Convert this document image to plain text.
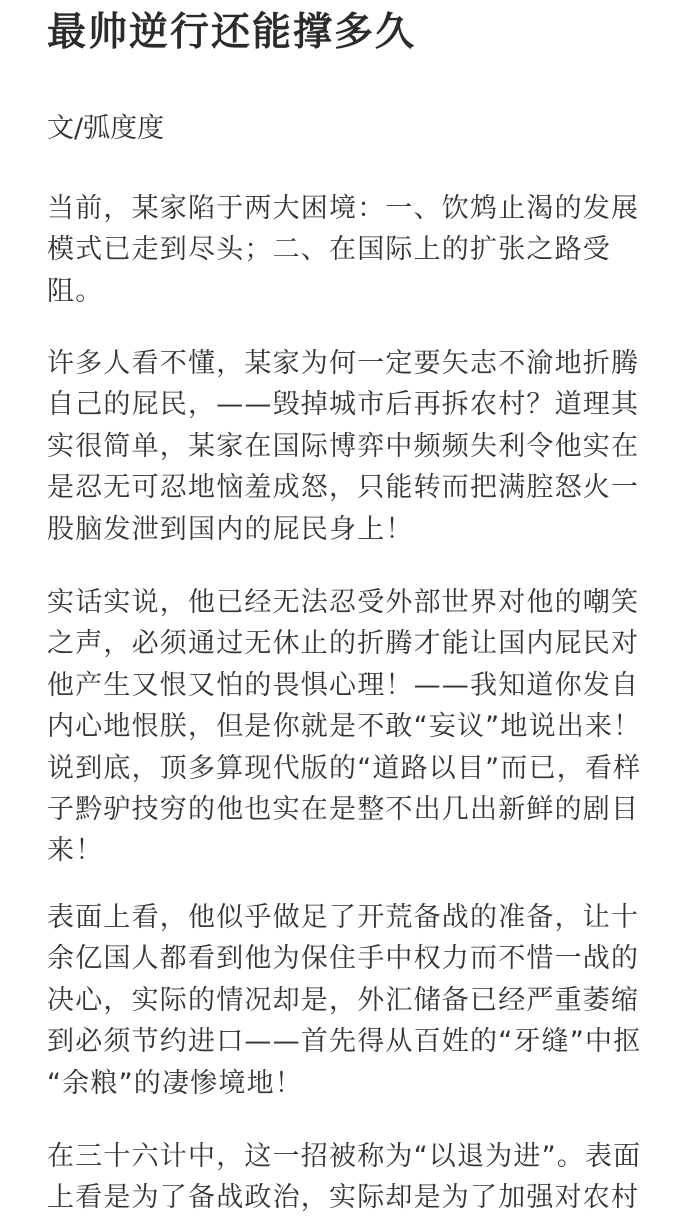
最帅逆行还能撑多久

文/弧度度

当前，某家陷于两大困境：一、饮鸩止渴的发展
模式已走到尽头；二、在国际上的扩张之路受
阻。

许多人看不懂，某家为何一定要矢志不渝地折腾
自己的屁民，——毁掉城市后再拆农村？道理其
实很简单，某家在国际博弈中频频失利令他实在
是忍无可忍地恼羞成怒，只能转而把满腔怒火一
股脑发泄到国内的屁民身上！

实话实说，他已经无法忍受外部世界对他的嘲笑
之声，必须通过无休止的折腾才能让国内屁民对
他产生又恨又怕的畏惧心理！——我知道你发自
内心地恨朕，但是你就是不敢“妄议”地说出来！
说到底，顶多算现代版的“道路以目”而已，看样
子黔驴技穷的他也实在是整不出几出新鲜的剧目
来！

表面上看，他似乎做足了开荒备战的准备，让十
余亿国人都看到他为保住手中权力而不惜一战的
决心，实际的情况却是，外汇储备已经严重萎缩
到必须节约进口——首先得从百姓的“牙缝”中抠
“余粮”的凄惨境地！

在三十六计中，这一招被称为“以退为进”。表面
上看是为了备战政治，实际却是为了加强对农村
